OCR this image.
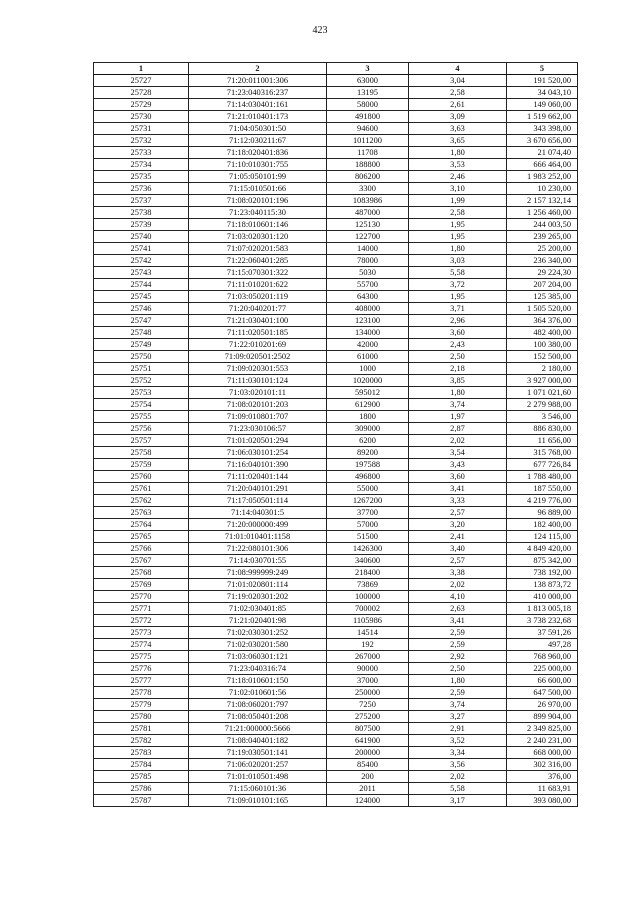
423
1	2	3	4	5
25727	71:20:011001:306	63000	3,04	191 520,00
25728	71:23:040316:237	13195	2,58	34 043,10
25729	71:14:030401:161	58000	2,61	149 060,00
25730	71:21:010401:173	491800	3,09	1 519 662,00
25731	71:04:050301:50	94600	3,63	343 398,00
25732	71:12:030211:67	1011200	3,65	3 670 656,00
25733	71:18:020401:836	11708	1,80	21 074,40
25734	71:10:010301:755	188800	3,53	666 464,00
25735	71:05:050101:99	806200	2,46	1 983 252,00
25736	71:15:010501:66	3300	3,10	10 230,00
25737	71:08:020101:196	1083986	1,99	2 157 132,14
25738	71:23:040115:30	487000	2,58	1 256 460,00
25739	71:18:010601:146	125130	1,95	244 003,50
25740	71:03:020301:120	122700	1,95	239 265,00
25741	71:07:020201:583	14000	1,80	25 200,00
25742	71:22:060401:285	78000	3,03	236 340,00
25743	71:15:070301:322	5030	5,58	29 224,30
25744	71:11:010201:622	55700	3,72	207 204,00
25745	71:03:050201:119	64300	1,95	125 385,00
25746	71:20:040201:77	408000	3,71	1 505 520,00
25747	71:21:030401:100	123100	2,96	364 376,00
25748	71:11:020501:185	134000	3,60	482 400,00
25749	71:22:010201:69	42000	2,43	100 380,00
25750	71:09:020501:2502	61000	2,50	152 500,00
25751	71:09:020301:553	1000	2,18	2 180,00
25752	71:11:030101:124	1020000	3,85	3 927 000,00
25753	71:03:020101:11	595012	1,80	1 071 021,60
25754	71:08:020101:203	612900	3,74	2 279 988,00
25755	71:09:010801:707	1800	1,97	3 546,00
25756	71:23:030106:57	309000	2,87	886 830,00
25757	71:01:020501:294	6200	2,02	11 656,00
25758	71:06:030101:254	89200	3,54	315 768,00
25759	71:16:040101:390	197588	3,43	677 726,84
25760	71:11:020401:144	496800	3,60	1 788 480,00
25761	71:20:040101:291	55000	3,41	187 550,00
25762	71:17:050501:114	1267200	3,33	4 219 776,00
25763	71:14:040301:5	37700	2,57	96 889,00
25764	71:20:000000:499	57000	3,20	182 400,00
25765	71:01:010401:1158	51500	2,41	124 115,00
25766	71:22:080101:306	1426300	3,40	4 849 420,00
25767	71:14:030701:55	340600	2,57	875 342,00
25768	71:08:999999:249	218400	3,38	738 192,00
25769	71:01:020801:114	73869	2,02	138 873,72
25770	71:19:020301:202	100000	4,10	410 000,00
25771	71:02:030401:85	700002	2,63	1 813 005,18
25772	71:21:020401:98	1105986	3,41	3 738 232,68
25773	71:02:030301:252	14514	2,59	37 591,26
25774	71:02:030201:580	192	2,59	497,28
25775	71:03:060301:121	267000	2,92	768 960,00
25776	71:23:040316:74	90000	2,50	225 000,00
25777	71:18:010601:150	37000	1,80	66 600,00
25778	71:02:010601:56	250000	2,59	647 500,00
25779	71:08:060201:797	7250	3,74	26 970,00
25780	71:08:050401:208	275200	3,27	899 904,00
25781	71:21:000000:5666	807500	2,91	2 349 825,00
25782	71:08:040401:182	641900	3,52	2 240 231,00
25783	71:19:030501:141	200000	3,34	668 000,00
25784	71:06:020201:257	85400	3,56	302 316,00
25785	71:01:010501:498	200	2,02	376,00
25786	71:15:060101:36	2011	5,58	11 683,91
25787	71:09:010101:165	124000	3,17	393 080,00
